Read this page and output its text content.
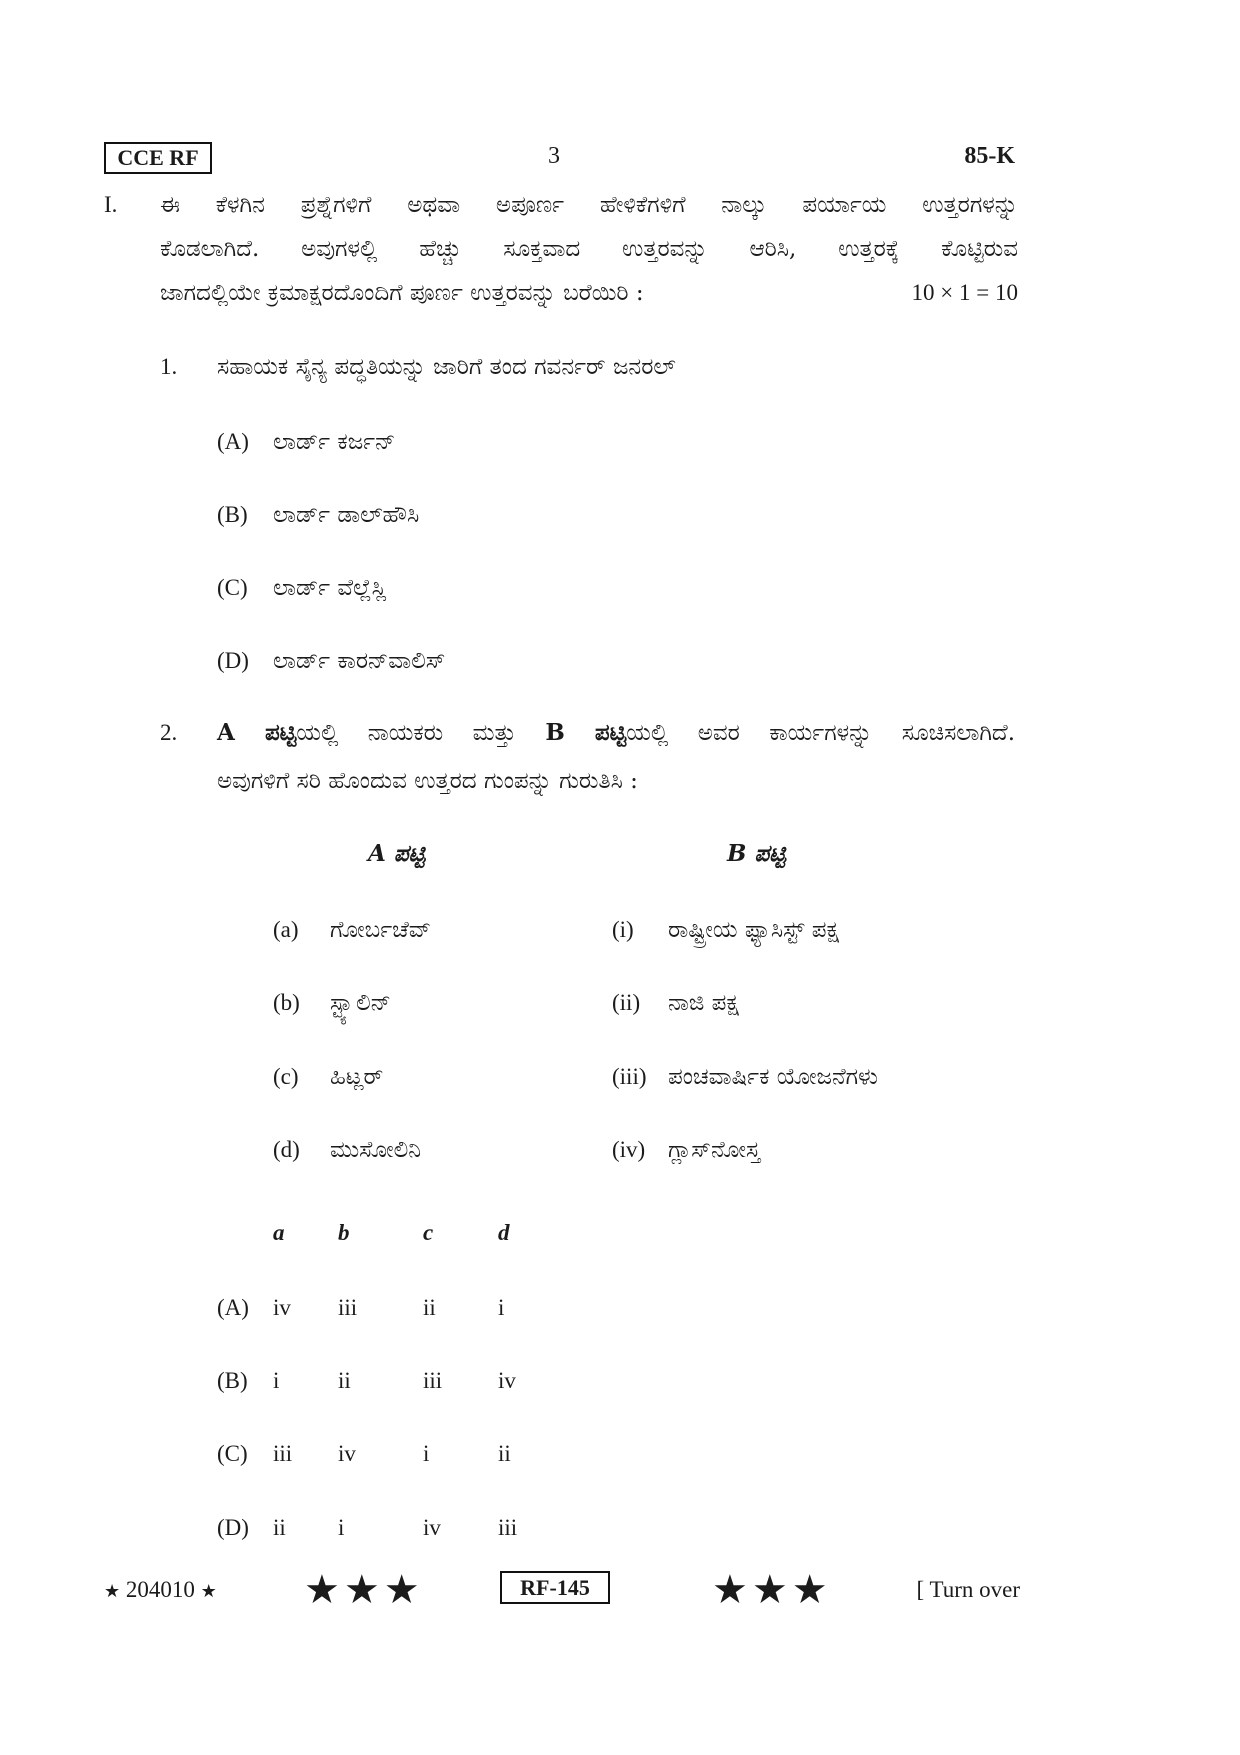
CCE RF	3	85-K
I. ಈ ಕೆಳಗಿನ ಪ್ರಶ್ನೆಗಳಿಗೆ ಅಥವಾ ಅಪೂರ್ಣ ಹೇಳಿಕೆಗಳಿಗೆ ನಾಲ್ಕು ಪರ್ಯಾಯ ಉತ್ತರಗಳನ್ನು
ಕೊಡಲಾಗಿದೆ. ಅವುಗಳಲ್ಲಿ ಹೆಚ್ಚು ಸೂಕ್ತವಾದ ಉತ್ತರವನ್ನು ಆರಿಸಿ, ಉತ್ತರಕ್ಕೆ ಕೊಟ್ಟಿರುವ
ಜಾಗದಲ್ಲಿಯೇ ಕ್ರಮಾಕ್ಷರದೊಂದಿಗೆ ಪೂರ್ಣ ಉತ್ತರವನ್ನು ಬರೆಯಿರಿ :	10 × 1 = 10
1. ಸಹಾಯಕ ಸೈನ್ಯ ಪದ್ಧತಿಯನ್ನು ಜಾರಿಗೆ ತಂದ ಗವರ್ನರ್ ಜನರಲ್
(A)	ಲಾರ್ಡ್ ಕರ್ಜನ್
(B)	ಲಾರ್ಡ್ ಡಾಲ್‌ಹೌಸಿ
(C)	ಲಾರ್ಡ್ ವೆಲ್ಲೆಸ್ಲಿ
(D)	ಲಾರ್ಡ್ ಕಾರನ್‌ವಾಲಿಸ್
2. A ಪಟ್ಟಿಯಲ್ಲಿ ನಾಯಕರು ಮತ್ತು B ಪಟ್ಟಿಯಲ್ಲಿ ಅವರ ಕಾರ್ಯಗಳನ್ನು ಸೂಚಿಸಲಾಗಿದೆ.
ಅವುಗಳಿಗೆ ಸರಿ ಹೊಂದುವ ಉತ್ತರದ ಗುಂಪನ್ನು ಗುರುತಿಸಿ :
A ಪಟ್ಟಿ	B ಪಟ್ಟಿ
(a)	ಗೋರ್ಬಚೆವ್	(i)	ರಾಷ್ಟ್ರೀಯ ಫ್ಯಾಸಿಸ್ಟ್ ಪಕ್ಷ
(b)	ಸ್ಟ್ಯಾಲಿನ್	(ii)	ನಾಜಿ ಪಕ್ಷ
(c)	ಹಿಟ್ಲರ್	(iii) ಪಂಚವಾರ್ಷಿಕ ಯೋಜನೆಗಳು
(d)	ಮುಸೋಲಿನಿ	(iv) ಗ್ಲಾಸ್‌ನೋಸ್ತ
a	b	c	d
(A)	iv	iii	ii	i
(B)	i	ii	iii	iv
(C)	iii	iv	i	ii
(D)	ii	i	iv	iii
★ 204010 ★ ★ ★ ★	RF-145 ★ ★ ★	[ Turn over
